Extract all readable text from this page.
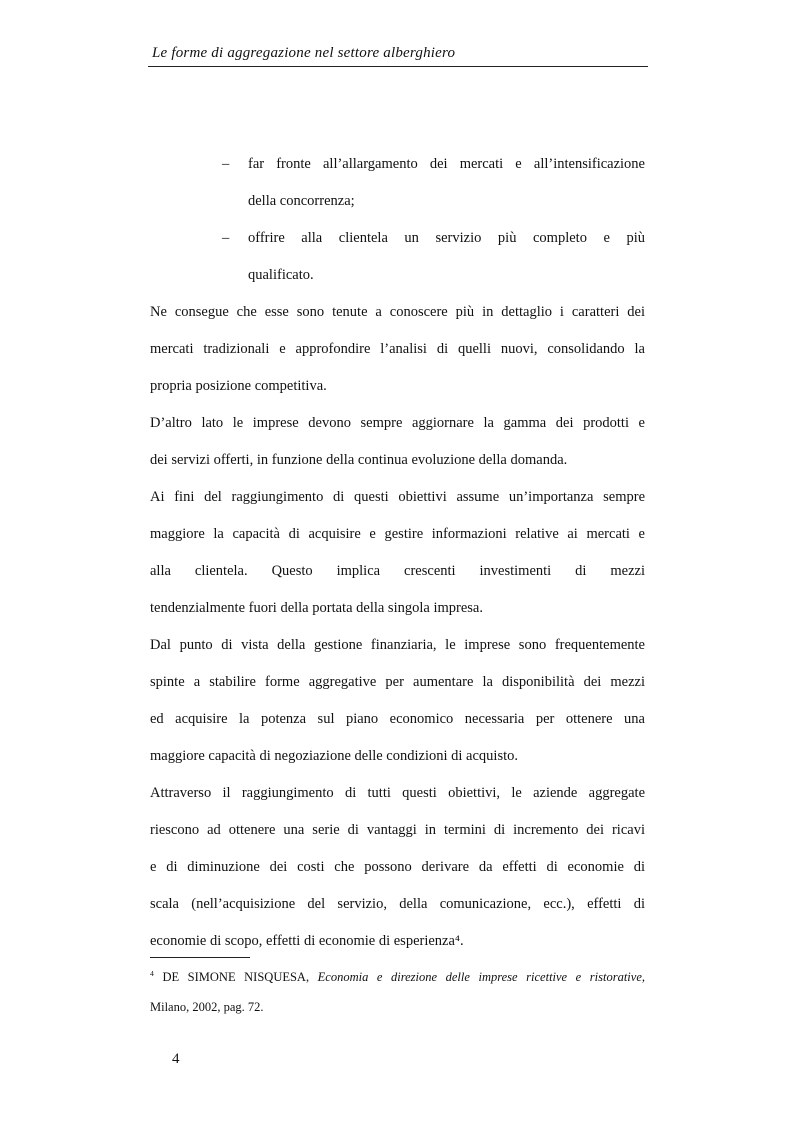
Le forme di aggregazione nel settore alberghiero
–	far fronte all’allargamento dei mercati e all’intensificazione
della concorrenza;
–	offrire alla clientela un servizio più completo e più
qualificato.
Ne consegue che esse sono tenute a conoscere più in dettaglio i caratteri dei
mercati tradizionali e approfondire l’analisi di quelli nuovi, consolidando la
propria posizione competitiva.
D’altro lato le imprese devono sempre aggiornare la gamma dei prodotti e
dei servizi offerti, in funzione della continua evoluzione della domanda.
Ai fini del raggiungimento di questi obiettivi assume un’importanza sempre
maggiore la capacità di acquisire e gestire informazioni relative ai mercati e
alla clientela. Questo implica crescenti investimenti di mezzi
tendenzialmente fuori della portata della singola impresa.
Dal punto di vista della gestione finanziaria, le imprese sono frequentemente
spinte a stabilire forme aggregative per aumentare la disponibilità dei mezzi
ed acquisire la potenza sul piano economico necessaria per ottenere una
maggiore capacità di negoziazione delle condizioni di acquisto.
Attraverso il raggiungimento di tutti questi obiettivi, le aziende aggregate
riescono ad ottenere una serie di vantaggi in termini di incremento dei ricavi
e di diminuzione dei costi che possono derivare da effetti di economie di
scala (nell’acquisizione del servizio, della comunicazione, ecc.), effetti di
economie di scopo, effetti di economie di esperienza⁴.
$^4$ DE SIMONE NISQUESA, Economia e direzione delle imprese ricettive e ristorative,
Milano, 2002, pag. 72.
4
